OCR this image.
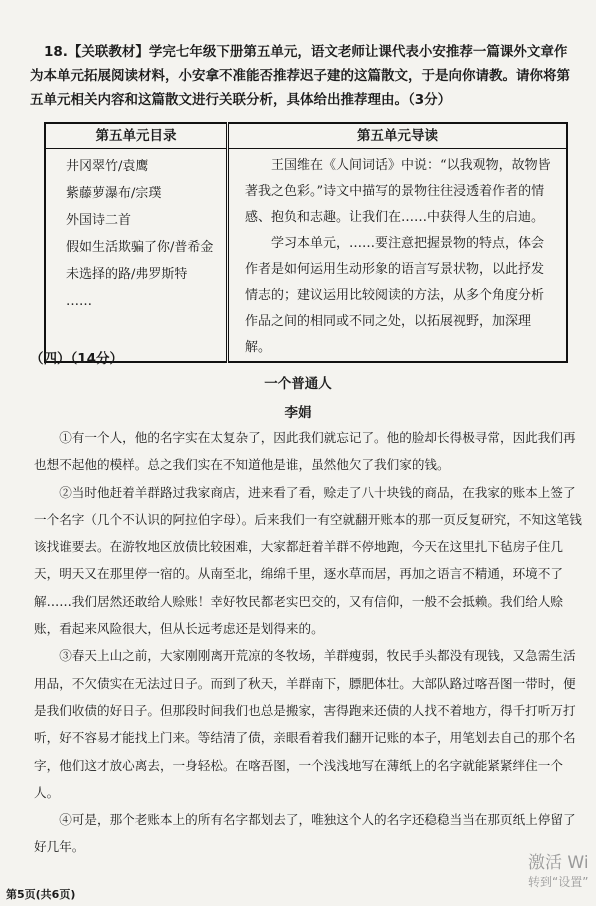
18.【关联教材】学完七年级下册第五单元，语文老师让课代表小安推荐一篇课外文章作为本单元拓展阅读材料，小安拿不准能否推荐迟子建的这篇散文，于是向你请教。请你将第五单元相关内容和这篇散文进行关联分析，具体给出推荐理由。（3分）

第五单元目录
井冈翠竹/袁鹰
紫藤萝瀑布/宗璞
外国诗二首
假如生活欺骗了你/普希金
未选择的路/弗罗斯特
……

第五单元导读

王国维在《人间词话》中说：“以我观物，故物皆著我之色彩。”诗文中描写的景物往往浸透着作者的情感、抱负和志趣。让我们在……中获得人生的启迪。

学习本单元，……要注意把握景物的特点，体会作者是如何运用生动形象的语言写景状物，以此抒发情志的；建议运用比较阅读的方法，从多个角度分析作品之间的相同或不同之处，以拓展视野，加深理解。

（四）（14分）
一个普通人
李娟

①有一个人，他的名字实在太复杂了，因此我们就忘记了。他的脸却长得极寻常，因此我们再也想不起他的模样。总之我们实在不知道他是谁，虽然他欠了我们家的钱。

②当时他赶着羊群路过我家商店，进来看了看，赊走了八十块钱的商品，在我家的账本上签了一个名字（几个不认识的阿拉伯字母）。后来我们一有空就翻开账本的那一页反复研究，不知这笔钱该找谁要去。在游牧地区放债比较困难，大家都赶着羊群不停地跑，今天在这里扎下毡房子住几天，明天又在那里停一宿的。从南至北，绵绵千里，逐水草而居，再加之语言不精通，环境不了解……我们居然还敢给人赊账！幸好牧民都老实巴交的，又有信仰，一般不会抵赖。我们给人赊账，看起来风险很大，但从长远考虑还是划得来的。

③春天上山之前，大家刚刚离开荒凉的冬牧场，羊群瘦弱，牧民手头都没有现钱，又急需生活用品，不欠债实在无法过日子。而到了秋天，羊群南下，膘肥体壮。大部队路过喀吾图一带时，便是我们收债的好日子。但那段时间我们也总是搬家，害得跑来还债的人找不着地方，得千打听万打听，好不容易才能找上门来。等结清了债，亲眼看着我们翻开记账的本子，用笔划去自己的那个名字，他们这才放心离去，一身轻松。在喀吾图，一个浅浅地写在薄纸上的名字就能紧紧绊住一个人。

④可是，那个老账本上的所有名字都划去了，唯独这个人的名字还稳稳当当在那页纸上停留了好几年。

第5页(共6页)
激活 Wi
转到“设置”
